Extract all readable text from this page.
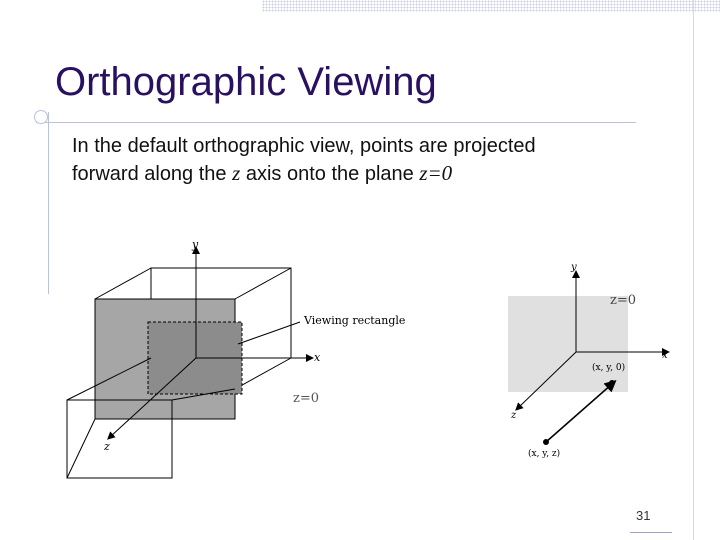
Orthographic Viewing
In the default orthographic view, points are projected forward along the z axis onto the plane z=0
y
x
z
Viewing rectangle
z=0
y
x
z
z=0
(x, y, 0)
(x, y, z)
31
